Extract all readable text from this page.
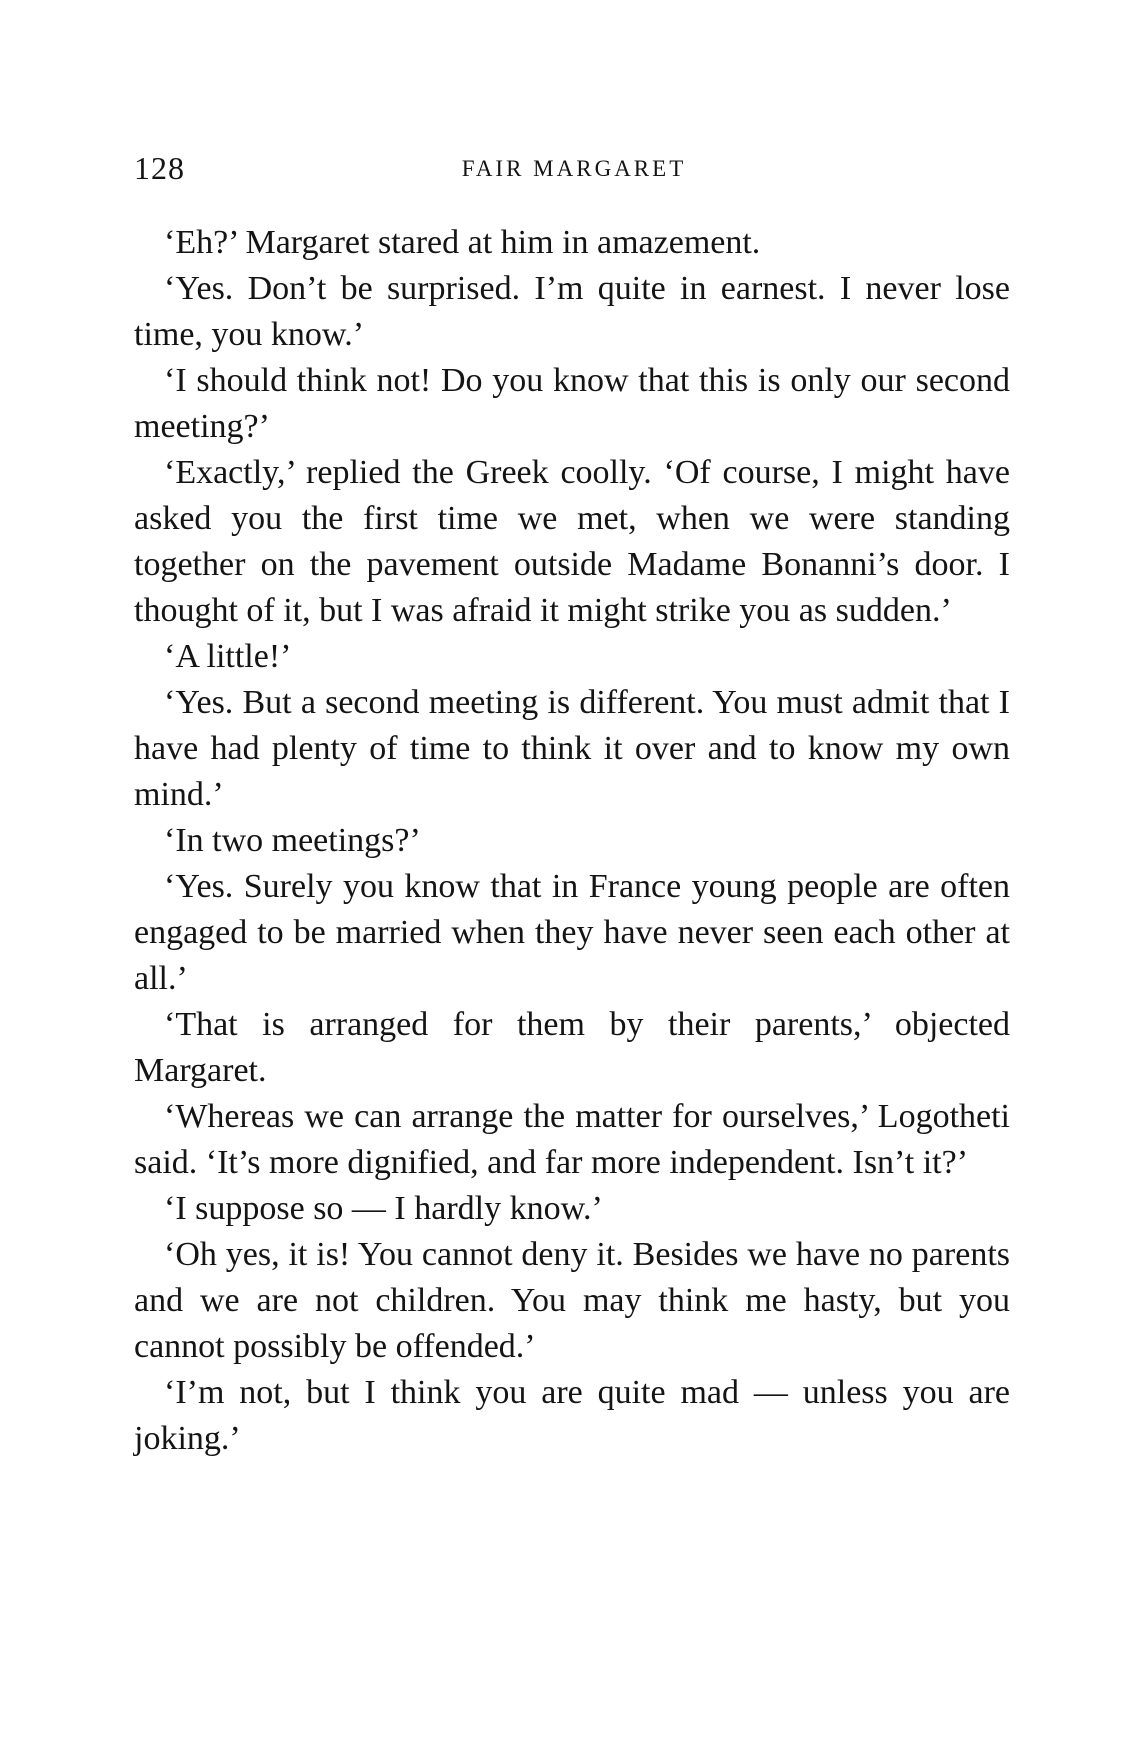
128	FAIR MARGARET

‘Eh?’ Margaret stared at him in amazement.

‘Yes. Don’t be surprised. I’m quite in earnest. I never lose time, you know.’

‘I should think not! Do you know that this is only our second meeting?’

‘Exactly,’ replied the Greek coolly. ‘Of course, I might have asked you the first time we met, when we were standing together on the pavement outside Madame Bonanni’s door. I thought of it, but I was afraid it might strike you as sudden.’

‘A little!’

‘Yes. But a second meeting is different. You must admit that I have had plenty of time to think it over and to know my own mind.’

‘In two meetings?’

‘Yes. Surely you know that in France young people are often engaged to be married when they have never seen each other at all.’

‘That is arranged for them by their parents,’ objected Margaret.

‘Whereas we can arrange the matter for ourselves,’ Logotheti said. ‘It’s more dignified, and far more independent. Isn’t it?’

‘I suppose so — I hardly know.’

‘Oh yes, it is! You cannot deny it. Besides we have no parents and we are not children. You may think me hasty, but you cannot possibly be offended.’

‘I’m not, but I think you are quite mad — unless you are joking.’
